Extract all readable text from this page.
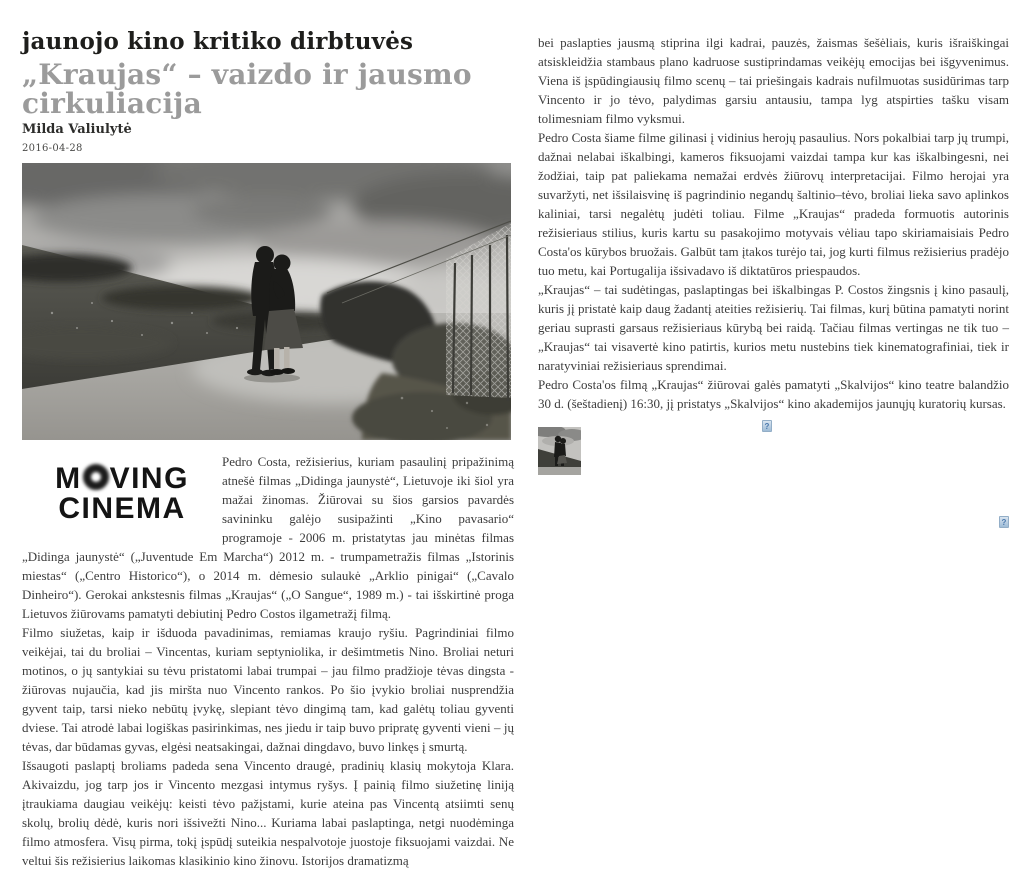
jaunojo kino kritiko dirbtuvės
„Kraujas“ – vaizdo ir jausmo cirkuliacija
Milda Valiulytė
2016-04-28
M VING
CINEMA

Pedro Costa, režisierius, kuriam pasaulinį pripažinimą atnešė filmas „Didinga jaunystė“, Lietuvoje iki šiol yra mažai žinomas. Žiūrovai su šios garsios pavardės savininku galėjo susipažinti „Kino pavasario“ programoje - 2006 m. pristatytas jau minėtas filmas „Didinga jaunystė“ („Juventude Em Marcha“) 2012 m. - trumpametražis filmas „Istorinis miestas“ („Centro Historico“), o 2014 m. dėmesio sulaukė „Arklio pinigai“ („Cavalo Dinheiro“). Gerokai ankstesnis filmas „Kraujas“ („O Sangue“, 1989 m.) - tai išskirtinė proga Lietuvos žiūrovams pamatyti debiutinį Pedro Costos ilgametražį filmą.

Filmo siužetas, kaip ir išduoda pavadinimas, remiamas kraujo ryšiu. Pagrindiniai filmo veikėjai, tai du broliai – Vincentas, kuriam septyniolika, ir dešimtmetis Nino. Broliai neturi motinos, o jų santykiai su tėvu pristatomi labai trumpai – jau filmo pradžioje tėvas dingsta - žiūrovas nujaučia, kad jis miršta nuo Vincento rankos. Po šio įvykio broliai nusprendžia gyvent taip, tarsi nieko nebūtų įvykę, slepiant tėvo dingimą tam, kad galėtų toliau gyventi dviese. Tai atrodė labai logiškas pasirinkimas, nes jiedu ir taip buvo pripratę gyventi vieni – jų tėvas, dar būdamas gyvas, elgėsi neatsakingai, dažnai dingdavo, buvo linkęs į smurtą.

Išsaugoti paslaptį broliams padeda sena Vincento draugė, pradinių klasių mokytoja Klara. Akivaizdu, jog tarp jos ir Vincento mezgasi intymus ryšys. Į painią filmo siužetinę liniją įtraukiama daugiau veikėjų: keisti tėvo pažįstami, kurie ateina pas Vincentą atsiimti senų skolų, brolių dėdė, kuris nori išsivežti Nino... Kuriama labai paslaptinga, netgi nuodėminga filmo atmosfera. Visų pirma, tokį įspūdį suteikia nespalvotoje juostoje fiksuojami vaizdai. Ne veltui šis režisierius laikomas klasikinio kino žinovu. Istorijos dramatizmą

bei paslapties jausmą stiprina ilgi kadrai, pauzės, žaismas šešėliais, kuris išraiškingai atsiskleidžia stambaus plano kadruose sustiprindamas veikėjų emocijas bei išgyvenimus. Viena iš įspūdingiausių filmo scenų – tai priešingais kadrais nufilmuotas susidūrimas tarp Vincento ir jo tėvo, palydimas garsiu antausiu, tampa lyg atspirties tašku visam tolimesniam filmo vyksmui.

Pedro Costa šiame filme gilinasi į vidinius herojų pasaulius. Nors pokalbiai tarp jų trumpi, dažnai nelabai iškalbingi, kameros fiksuojami vaizdai tampa kur kas iškalbingesni, nei žodžiai, taip pat paliekama nemažai erdvės žiūrovų interpretacijai. Filmo herojai yra suvaržyti, net išsilaisvinę iš pagrindinio negandų šaltinio–tėvo, broliai lieka savo aplinkos kaliniai, tarsi negalėtų judėti toliau. Filme „Kraujas“ pradeda formuotis autorinis režisieriaus stilius, kuris kartu su pasakojimo motyvais vėliau tapo skiriamaisiais Pedro Costa'os kūrybos bruožais. Galbūt tam įtakos turėjo tai, jog kurti filmus režisierius pradėjo tuo metu, kai Portugalija išsivadavo iš diktatūros priespaudos.

„Kraujas“ – tai sudėtingas, paslaptingas bei iškalbingas P. Costos žingsnis į kino pasaulį, kuris jį pristatė kaip daug žadantį ateities režisierių. Tai filmas, kurį būtina pamatyti norint geriau suprasti garsaus režisieriaus kūrybą bei raidą. Tačiau filmas vertingas ne tik tuo – „Kraujas“ tai visavertė kino patirtis, kurios metu nustebins tiek kinematografiniai, tiek ir naratyviniai režisieriaus sprendimai.

Pedro Costa'os filmą „Kraujas“ žiūrovai galės pamatyti „Skalvijos“ kino teatre balandžio 30 d. (šeštadienį) 16:30, jį pristatys „Skalvijos“ kino akademijos jaunųjų kuratorių kursas.

?
?
